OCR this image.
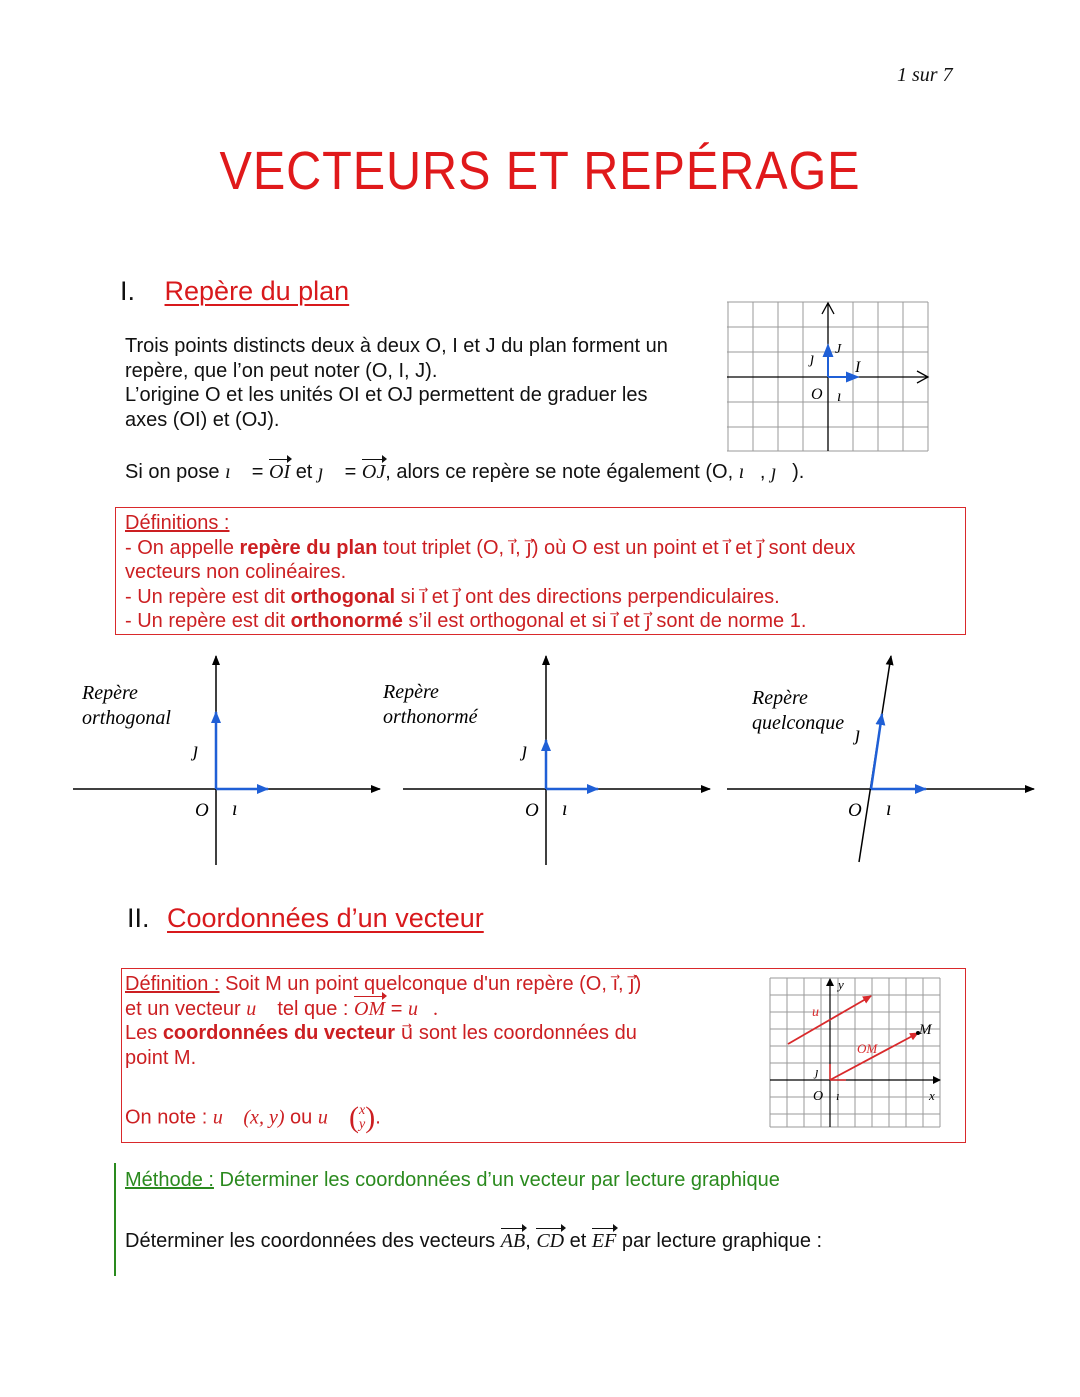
1 sur 7
VECTEURS ET REPÉRAGE
I. Repère du plan
Trois points distincts deux à deux O, I et J du plan forment un
repère, que l’on peut noter (O, I, J).
L’origine O et les unités OI et OJ permettent de graduer les
axes (OI) et (OJ).
O
J
I
ȷ⃗
ı⃗
Si on pose ı⃗ = OI et ȷ⃗ = OJ, alors ce repère se note également (O, ı⃗, ȷ⃗).
Définitions :
- On appelle repère du plan tout triplet (O, ı⃗, ȷ⃗) où O est un point et ı⃗ et ȷ⃗ sont deux
vecteurs non colinéaires.
- Un repère est dit orthogonal si ı⃗ et ȷ⃗ ont des directions perpendiculaires.
- Un repère est dit orthonormé s’il est orthogonal et si ı⃗ et ȷ⃗ sont de norme 1.
Repère
orthogonal
ȷ⃗
O ı⃗
Repère
orthonormé
ȷ⃗
O ı⃗
Repère
quelconque ȷ⃗
O ı⃗
II. Coordonnées d’un vecteur
Définition : Soit M un point quelconque d'un repère (O, ı⃗, ȷ⃗)
et un vecteur u⃗ tel que : OM = u⃗.
Les coordonnées du vecteur u⃗ sont les coordonnées du
point M.
On note : u⃗ (x, y) ou u⃗ ( x
y ).
y
x
u⃗
OM
M
O ı⃗
ȷ⃗
Méthode : Déterminer les coordonnées d’un vecteur par lecture graphique
Déterminer les coordonnées des vecteurs AB, CD et EF par lecture graphique :
